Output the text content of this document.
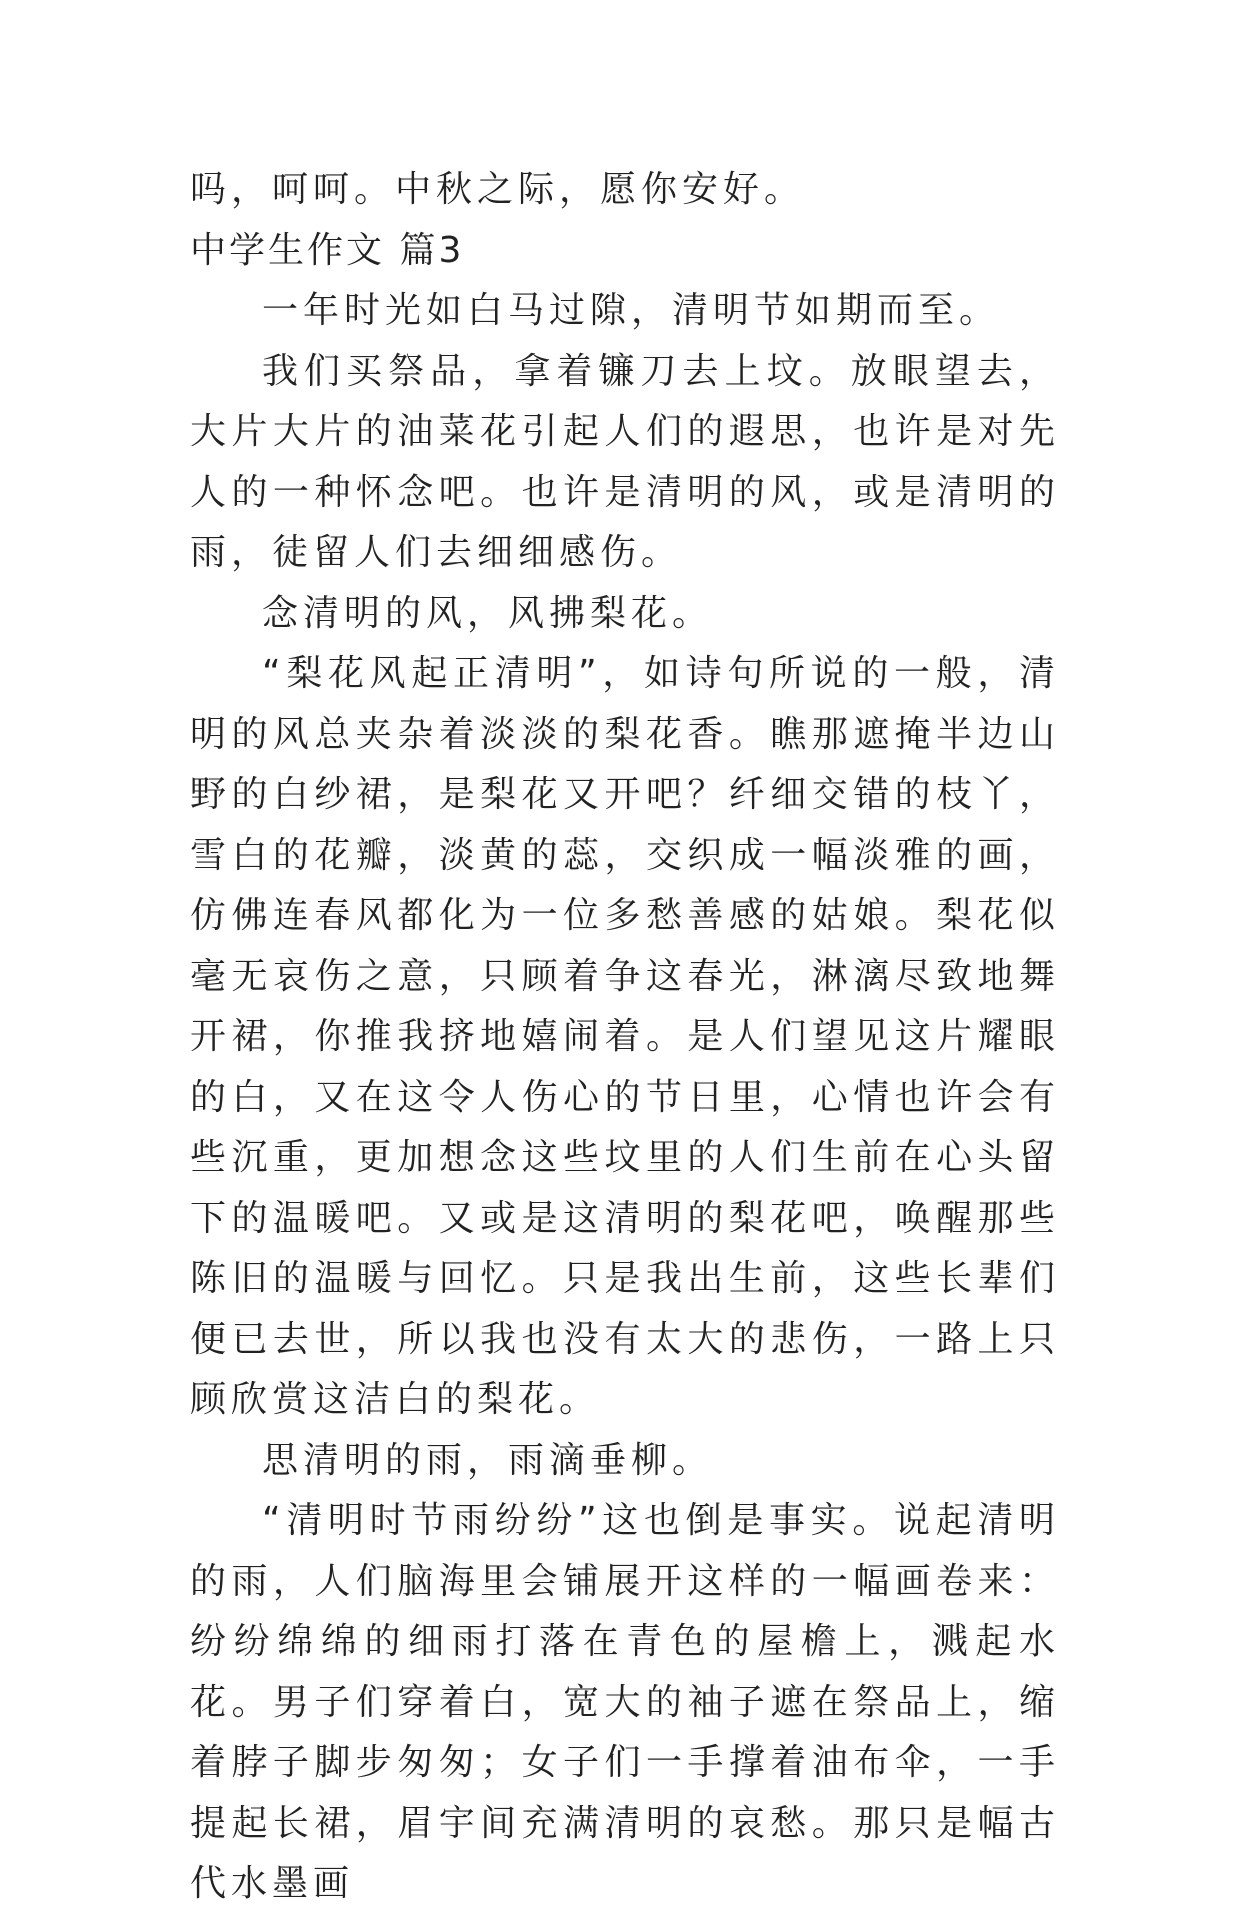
吗，呵呵。中秋之际，愿你安好。

中学生作文 篇3

一年时光如白马过隙，清明节如期而至。

我们买祭品，拿着镰刀去上坟。放眼望去，大片大片的油菜花引起人们的遐思，也许是对先人的一种怀念吧。也许是清明的风，或是清明的雨，徒留人们去细细感伤。

念清明的风，风拂梨花。

“梨花风起正清明”，如诗句所说的一般，清明的风总夹杂着淡淡的梨花香。瞧那遮掩半边山野的白纱裙，是梨花又开吧？纤细交错的枝丫，雪白的花瓣，淡黄的蕊，交织成一幅淡雅的画，仿佛连春风都化为一位多愁善感的姑娘。梨花似毫无哀伤之意，只顾着争这春光，淋漓尽致地舞开裙，你推我挤地嬉闹着。是人们望见这片耀眼的白，又在这令人伤心的节日里，心情也许会有些沉重，更加想念这些坟里的人们生前在心头留下的温暖吧。又或是这清明的梨花吧，唤醒那些陈旧的温暖与回忆。只是我出生前，这些长辈们便已去世，所以我也没有太大的悲伤，一路上只顾欣赏这洁白的梨花。

思清明的雨，雨滴垂柳。

“清明时节雨纷纷”这也倒是事实。说起清明的雨，人们脑海里会铺展开这样的一幅画卷来：纷纷绵绵的细雨打落在青色的屋檐上，溅起水花。男子们穿着白，宽大的袖子遮在祭品上，缩着脖子脚步匆匆；女子们一手撑着油布伞，一手提起长裙，眉宇间充满清明的哀愁。那只是幅古代水墨画
